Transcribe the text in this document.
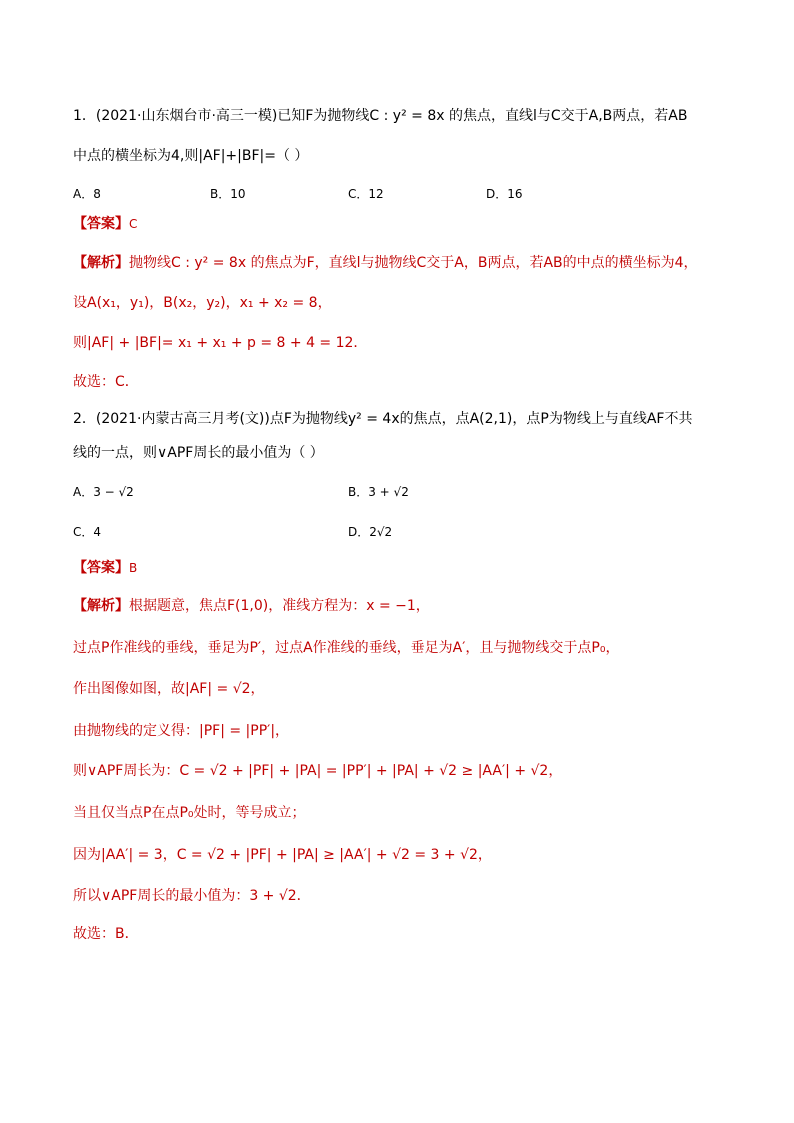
1．(2021·山东烟台市·高三一模)已知F为抛物线C : y² = 8x 的焦点，直线l与C交于A,B两点，若AB
中点的横坐标为4,则|AF|+|BF|=（ ）
A．8	B．10	C．12	D．16
【答案】C
【解析】抛物线C : y² = 8x 的焦点为F，直线l与抛物线C交于A，B两点，若AB的中点的横坐标为4，
设A(x₁，y₁)，B(x₂，y₂)，x₁ + x₂ = 8，
则|AF| + |BF|= x₁ + x₁ + p = 8 + 4 = 12．
故选：C．
2．(2021·内蒙古高三月考(文))点F为抛物线y² = 4x的焦点，点A(2,1)，点P为物线上与直线AF不共
线的一点，则∨APF周长的最小值为（ ）
A．3 − √2	B．3 + √2
C．4	D．2√2
【答案】B
【解析】根据题意，焦点F(1,0)，准线方程为：x = −1，
过点P作准线的垂线，垂足为P′，过点A作准线的垂线，垂足为A′，且与抛物线交于点P₀，
作出图像如图，故|AF| = √2，
由抛物线的定义得：|PF| = |PP′|，
则∨APF周长为：C = √2 + |PF| + |PA| = |PP′| + |PA| + √2 ≥ |AA′| + √2，
当且仅当点P在点P₀处时，等号成立；
因为|AA′| = 3，C = √2 + |PF| + |PA| ≥ |AA′| + √2 = 3 + √2，
所以∨APF周长的最小值为：3 + √2．
故选：B．
